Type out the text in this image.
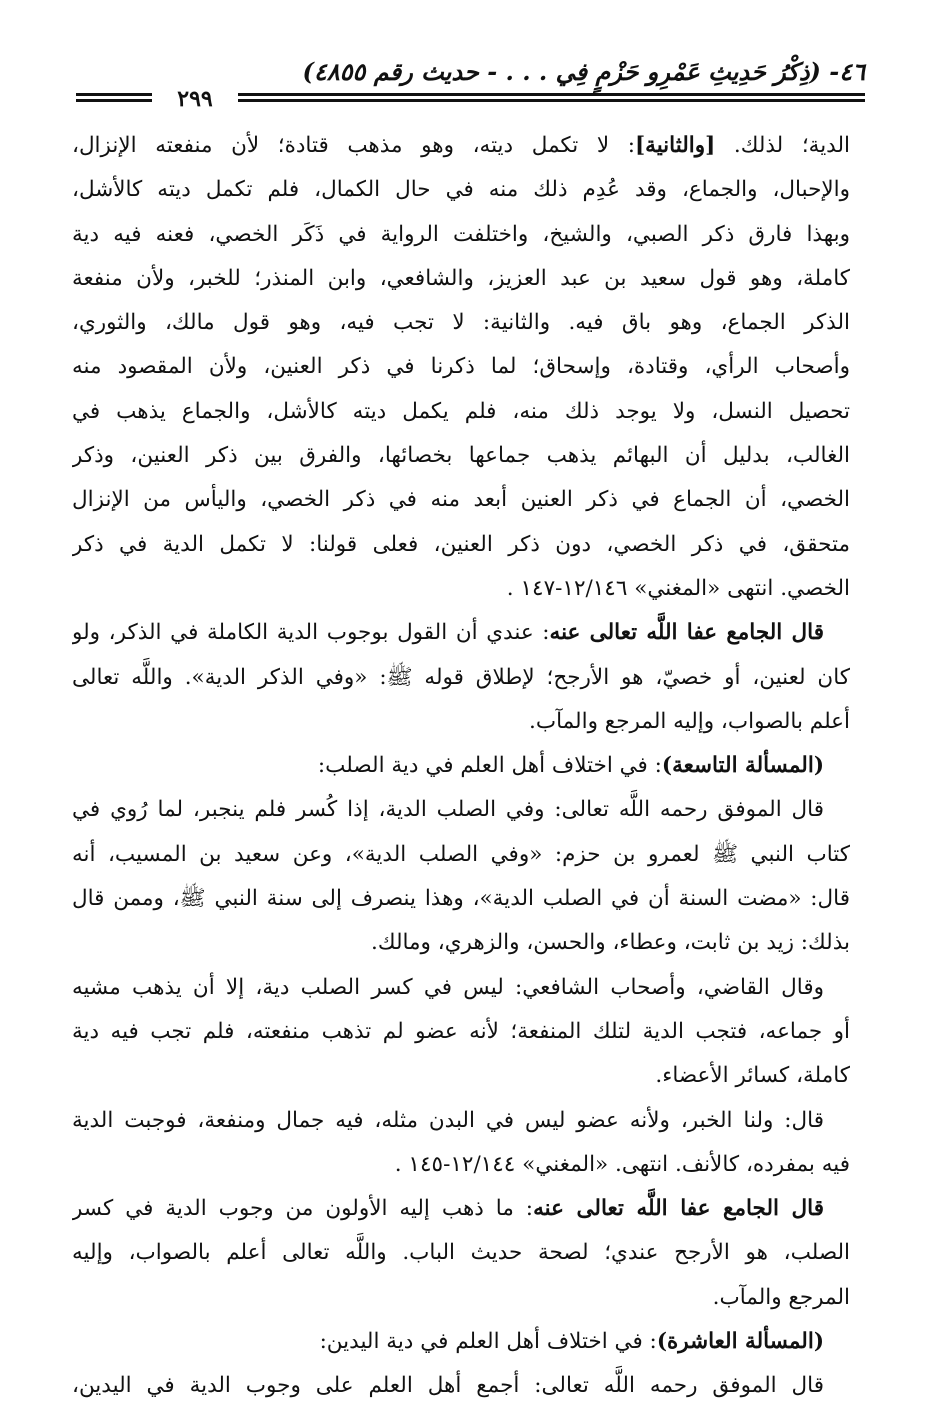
٤٦- (ذِكْرُ حَدِيثِ عَمْرِو حَزْمٍ فِي . . . - حديث رقم ٤٨٥٥)
٢٩٩
الدية؛ لذلك. [والثانية]: لا تكمل ديته، وهو مذهب قتادة؛ لأن منفعته الإنزال،
والإحبال، والجماع، وقد عُدِم ذلك منه في حال الكمال، فلم تكمل ديته كالأشل،
وبهذا فارق ذكر الصبي، والشيخ، واختلفت الرواية في ذَكَر الخصي، فعنه فيه دية
كاملة، وهو قول سعيد بن عبد العزيز، والشافعي، وابن المنذر؛ للخبر، ولأن منفعة
الذكر الجماع، وهو باق فيه. والثانية: لا تجب فيه، وهو قول مالك، والثوري،
وأصحاب الرأي، وقتادة، وإسحاق؛ لما ذكرنا في ذكر العنين، ولأن المقصود منه
تحصيل النسل، ولا يوجد ذلك منه، فلم يكمل ديته كالأشل، والجماع يذهب في
الغالب، بدليل أن البهائم يذهب جماعها بخصائها، والفرق بين ذكر العنين، وذكر
الخصي، أن الجماع في ذكر العنين أبعد منه في ذكر الخصي، واليأس من الإنزال
متحقق، في ذكر الخصي، دون ذكر العنين، فعلى قولنا: لا تكمل الدية في ذكر
الخصي. انتهى «المغني» ١٢/١٤٦-١٤٧ .
قال الجامع عفا اللَّه تعالى عنه: عندي أن القول بوجوب الدية الكاملة في الذكر، ولو
كان لعنين، أو خصيّ، هو الأرجح؛ لإطلاق قوله ﷺ: «وفي الذكر الدية». واللَّه تعالى
أعلم بالصواب، وإليه المرجع والمآب.
(المسألة التاسعة): في اختلاف أهل العلم في دية الصلب:
قال الموفق رحمه اللَّه تعالى: وفي الصلب الدية، إذا كُسر فلم ينجبر، لما رُوي في
كتاب النبي ﷺ لعمرو بن حزم: «وفي الصلب الدية»، وعن سعيد بن المسيب، أنه
قال: «مضت السنة أن في الصلب الدية»، وهذا ينصرف إلى سنة النبي ﷺ، وممن قال
بذلك: زيد بن ثابت، وعطاء، والحسن، والزهري، ومالك.
وقال القاضي، وأصحاب الشافعي: ليس في كسر الصلب دية، إلا أن يذهب مشيه
أو جماعه، فتجب الدية لتلك المنفعة؛ لأنه عضو لم تذهب منفعته، فلم تجب فيه دية
كاملة، كسائر الأعضاء.
قال: ولنا الخبر، ولأنه عضو ليس في البدن مثله، فيه جمال ومنفعة، فوجبت الدية
فيه بمفرده، كالأنف. انتهى. «المغني» ١٢/١٤٤-١٤٥ .
قال الجامع عفا اللَّه تعالى عنه: ما ذهب إليه الأولون من وجوب الدية في كسر
الصلب، هو الأرجح عندي؛ لصحة حديث الباب. واللَّه تعالى أعلم بالصواب، وإليه
المرجع والمآب.
(المسألة العاشرة): في اختلاف أهل العلم في دية اليدين:
قال الموفق رحمه اللَّه تعالى: أجمع أهل العلم على وجوب الدية في اليدين،
